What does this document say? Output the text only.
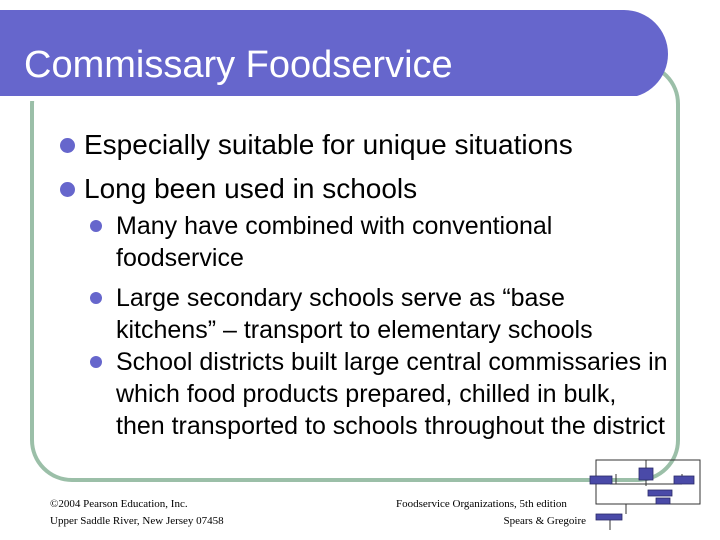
Commissary Foodservice
Especially suitable for unique situations
Long been used in schools
Many have combined with conventional foodservice
Large secondary schools serve as “base kitchens” – transport to elementary schools
School districts built large central commissaries in which food products prepared, chilled in bulk, then transported to schools throughout the district
©2004 Pearson Education, Inc.
Upper Saddle River, New Jersey 07458
Foodservice Organizations, 5th edition
Spears & Gregoire
